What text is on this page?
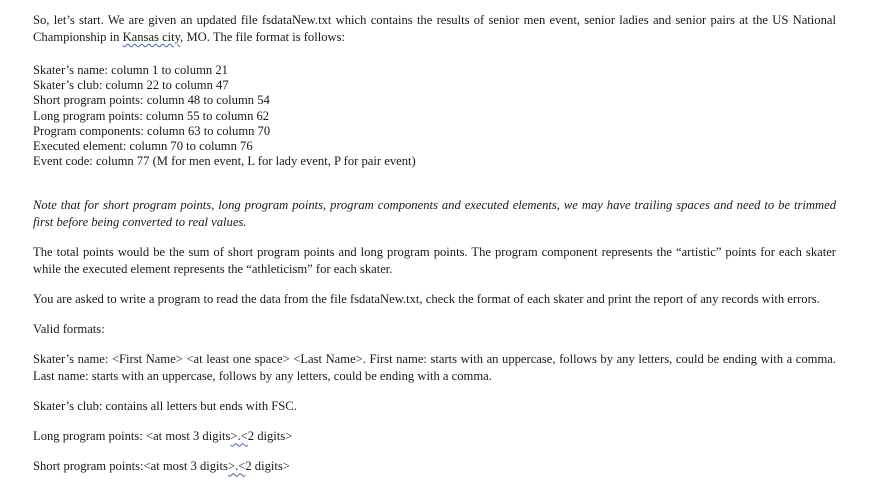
So, let’s start. We are given an updated file fsdataNew.txt which contains the results of senior men event, senior ladies and senior pairs at the US National Championship in Kansas city, MO. The file format is follows:

Skater’s name: column 1 to column 21
Skater’s club: column 22 to column 47
Short program points: column 48 to column 54
Long program points: column 55 to column 62
Program components: column 63 to column 70
Executed element: column 70 to column 76
Event code: column 77 (M for men event, L for lady event, P for pair event)

Note that for short program points, long program points, program components and executed elements, we may have trailing spaces and need to be trimmed first before being converted to real values.

The total points would be the sum of short program points and long program points. The program component represents the “artistic” points for each skater while the executed element represents the “athleticism” for each skater.

You are asked to write a program to read the data from the file fsdataNew.txt, check the format of each skater and print the report of any records with errors.

Valid formats:

Skater’s name: <First Name> <at least one space> <Last Name>. First name: starts with an uppercase, follows by any letters, could be ending with a comma. Last name: starts with an uppercase, follows by any letters, could be ending with a comma.

Skater’s club: contains all letters but ends with FSC.

Long program points: <at most 3 digits>.<2 digits>

Short program points:<at most 3 digits>.<2 digits>
